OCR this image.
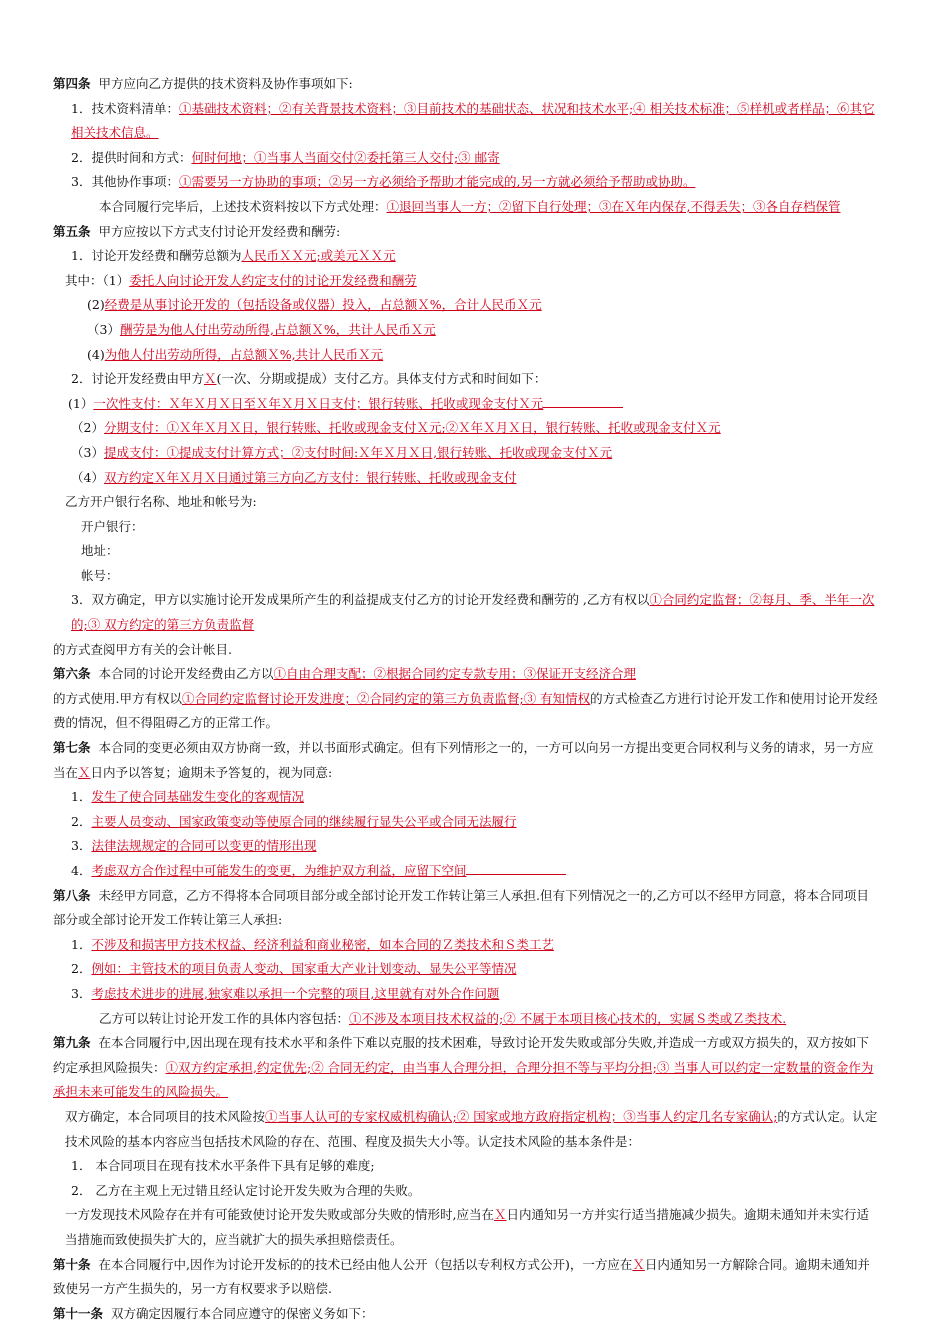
第四条 甲方应向乙方提供的技术资料及协作事项如下:

1．技术资料清单：①基础技术资料；②有关背景技术资料；③目前技术的基础状态、状况和技术水平;④ 相关技术标准；⑤样机或者样品；⑥其它相关技术信息。

2．提供时间和方式：何时何地；①当事人当面交付②委托第三人交付;③ 邮寄

3．其他协作事项：①需要另一方协助的事项；②另一方必须给予帮助才能完成的,另一方就必须给予帮助或协助。

本合同履行完毕后，上述技术资料按以下方式处理：①退回当事人一方；②留下自行处理；③在Ｘ年内保存,不得丢失；③各自存档保管

第五条 甲方应按以下方式支付讨论开发经费和酬劳:

1．讨论开发经费和酬劳总额为人民币ＸＸ元;或美元ＸＸ元

其中：（1）委托人向讨论开发人约定支付的讨论开发经费和酬劳

(2)经费是从事讨论开发的（包括设备或仪器）投入，占总额Ｘ%，合计人民币Ｘ元

（3）酬劳是为他人付出劳动所得,占总额Ｘ%，共计人民币Ｘ元

(4)为他人付出劳动所得，占总额Ｘ%,共计人民币Ｘ元

2．讨论开发经费由甲方Ｘ(一次、分期或提成）支付乙方。具体支付方式和时间如下：

(1）一次性支付：Ｘ年Ｘ月Ｘ日至Ｘ年Ｘ月Ｘ日支付；银行转账、托收或现金支付Ｘ元

（2）分期支付：①Ｘ年Ｘ月Ｘ日，银行转账、托收或现金支付Ｘ元;②Ｘ年Ｘ月Ｘ日，银行转账、托收或现金支付Ｘ元

（3）提成支付：①提成支付计算方式；②支付时间:Ｘ年Ｘ月Ｘ日,银行转账、托收或现金支付Ｘ元

（4）双方约定Ｘ年Ｘ月Ｘ日通过第三方向乙方支付：银行转账、托收或现金支付

乙方开户银行名称、地址和帐号为:

开户银行：

地址：

帐号：

3．双方确定，甲方以实施讨论开发成果所产生的利益提成支付乙方的讨论开发经费和酬劳的 ,乙方有权以①合同约定监督；②每月、季、半年一次的;③ 双方约定的第三方负责监督

的方式查阅甲方有关的会计帐目.

第六条 本合同的讨论开发经费由乙方以①自由合理支配；②根据合同约定专款专用；③保证开支经济合理

的方式使用.甲方有权以①合同约定监督讨论开发进度；②合同约定的第三方负责监督;③ 有知情权的方式检查乙方进行讨论开发工作和使用讨论开发经费的情况，但不得阻碍乙方的正常工作。

第七条 本合同的变更必须由双方协商一致，并以书面形式确定。但有下列情形之一的，一方可以向另一方提出变更合同权利与义务的请求，另一方应当在Ｘ日内予以答复；逾期未予答复的，视为同意:

1．发生了使合同基础发生变化的客观情况

2．主要人员变动、国家政策变动等使原合同的继续履行显失公平或合同无法履行

3．法律法规规定的合同可以变更的情形出现

4．考虑双方合作过程中可能发生的变更，为维护双方利益，应留下空间

第八条 未经甲方同意，乙方不得将本合同项目部分或全部讨论开发工作转让第三人承担.但有下列情况之一的,乙方可以不经甲方同意，将本合同项目部分或全部讨论开发工作转让第三人承担:

1．不涉及和损害甲方技术权益、经济利益和商业秘密，如本合同的Ｚ类技术和Ｓ类工艺

2．例如：主管技术的项目负责人变动、国家重大产业计划变动、显失公平等情况

3．考虑技术进步的进展,独家难以承担一个完整的项目,这里就有对外合作问题

乙方可以转让讨论开发工作的具体内容包括：①不涉及本项目技术权益的;② 不属于本项目核心技术的，实属Ｓ类或Ｚ类技术.

第九条 在本合同履行中,因出现在现有技术水平和条件下难以克服的技术困难，导致讨论开发失败或部分失败,并造成一方或双方损失的，双方按如下约定承担风险损失：①双方约定承担,约定优先;② 合同无约定，由当事人合理分担，合理分担不等与平均分担;③ 当事人可以约定一定数量的资金作为承担未来可能发生的风险损失。

双方确定，本合同项目的技术风险按①当事人认可的专家权威机构确认;② 国家或地方政府指定机构；③当事人约定几名专家确认;的方式认定。认定技术风险的基本内容应当包括技术风险的存在、范围、程度及损失大小等。认定技术风险的基本条件是：

1． 本合同项目在现有技术水平条件下具有足够的难度;

2． 乙方在主观上无过错且经认定讨论开发失败为合理的失败。

一方发现技术风险存在并有可能致使讨论开发失败或部分失败的情形时,应当在Ｘ日内通知另一方并实行适当措施减少损失。逾期未通知并未实行适当措施而致使损失扩大的，应当就扩大的损失承担赔偿责任。

第十条 在本合同履行中,因作为讨论开发标的的技术已经由他人公开（包括以专利权方式公开)，一方应在Ｘ日内通知另一方解除合同。逾期未通知并致使另一方产生损失的，另一方有权要求予以赔偿.

第十一条 双方确定因履行本合同应遵守的保密义务如下：
